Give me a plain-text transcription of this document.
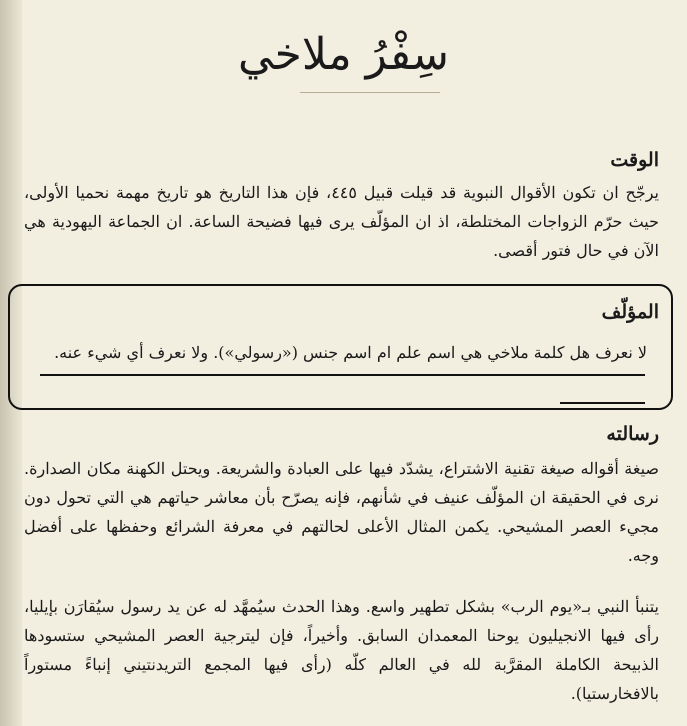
سِفْرُ ملاخي
الوقت
يرجّح ان تكون الأقوال النبوية قد قيلت قبيل ٤٤٥، فإن هذا التاريخ هو تاريخ مهمة نحميا الأولى، حيث حرّم الزواجات المختلطة، اذ ان المؤلّف يرى فيها فضيحة الساعة. ان الجماعة اليهودية هي الآن في حال فتور أقصى.
المؤلّف
لا نعرف هل كلمة ملاخي هي اسم علم ام اسم جنس («رسولي»). ولا نعرف أي شيء عنه.
رسالته
صيغة أقواله صيغة تقنية الاشتراع، يشدّد فيها على العبادة والشريعة. ويحتل الكهنة مكان الصدارة. نرى في الحقيقة ان المؤلّف عنيف في شأنهم، فإنه يصرّح بأن معاشر حياتهم هي التي تحول دون مجيء العصر المشيحي. يكمن المثال الأعلى لحالتهم في معرفة الشرائع وحفظها على أفضل وجه.
يتنبأ النبي بـ«يوم الرب» بشكل تطهير واسع. وهذا الحدث سيُمهَّد له عن يد رسول سيُقارَن بإيليا، رأى فيها الانجيليون يوحنا المعمدان السابق. وأخيراً، فإن ليترجية العصر المشيحي ستسودها الذبيحة الكاملة المقرَّبة لله في العالم كلّه (رأى فيها المجمع التريدنتيني إنباءً مستوراً بالافخارستيا).
